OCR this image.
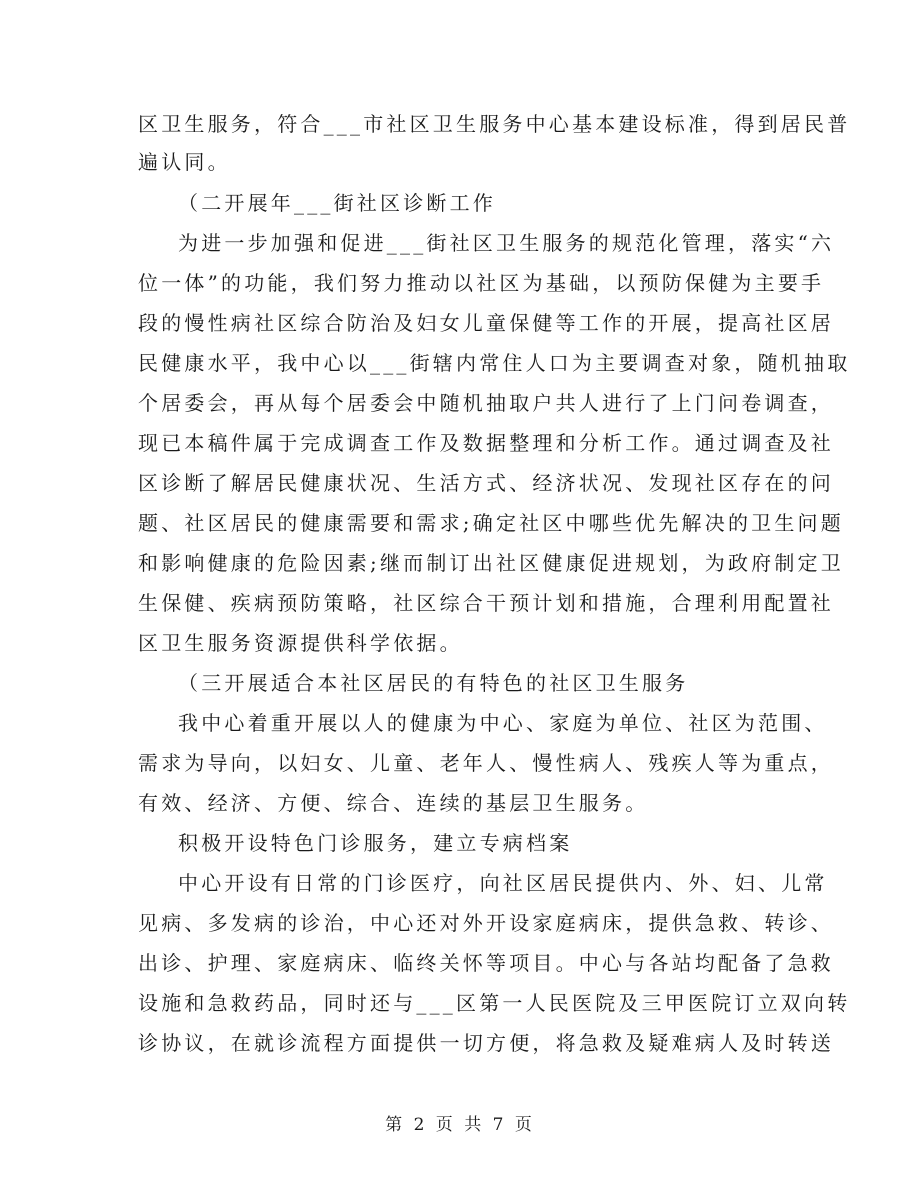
区卫生服务，符合___市社区卫生服务中心基本建设标准，得到居民普
遍认同。
（二开展年___街社区诊断工作
为进一步加强和促进___街社区卫生服务的规范化管理，落实“六
位一体”的功能，我们努力推动以社区为基础，以预防保健为主要手
段的慢性病社区综合防治及妇女儿童保健等工作的开展，提高社区居
民健康水平，我中心以___街辖内常住人口为主要调查对象，随机抽取
个居委会，再从每个居委会中随机抽取户共人进行了上门问卷调查，
现已本稿件属于完成调查工作及数据整理和分析工作。通过调查及社
区诊断了解居民健康状况、生活方式、经济状况、发现社区存在的问
题、社区居民的健康需要和需求;确定社区中哪些优先解决的卫生问题
和影响健康的危险因素;继而制订出社区健康促进规划，为政府制定卫
生保健、疾病预防策略，社区综合干预计划和措施，合理利用配置社
区卫生服务资源提供科学依据。
（三开展适合本社区居民的有特色的社区卫生服务
我中心着重开展以人的健康为中心、家庭为单位、社区为范围、
需求为导向，以妇女、儿童、老年人、慢性病人、残疾人等为重点，
有效、经济、方便、综合、连续的基层卫生服务。
积极开设特色门诊服务，建立专病档案
中心开设有日常的门诊医疗，向社区居民提供内、外、妇、儿常
见病、多发病的诊治，中心还对外开设家庭病床，提供急救、转诊、
出诊、护理、家庭病床、临终关怀等项目。中心与各站均配备了急救
设施和急救药品，同时还与___区第一人民医院及三甲医院订立双向转
诊协议，在就诊流程方面提供一切方便，将急救及疑难病人及时转送
第 2 页 共 7 页
